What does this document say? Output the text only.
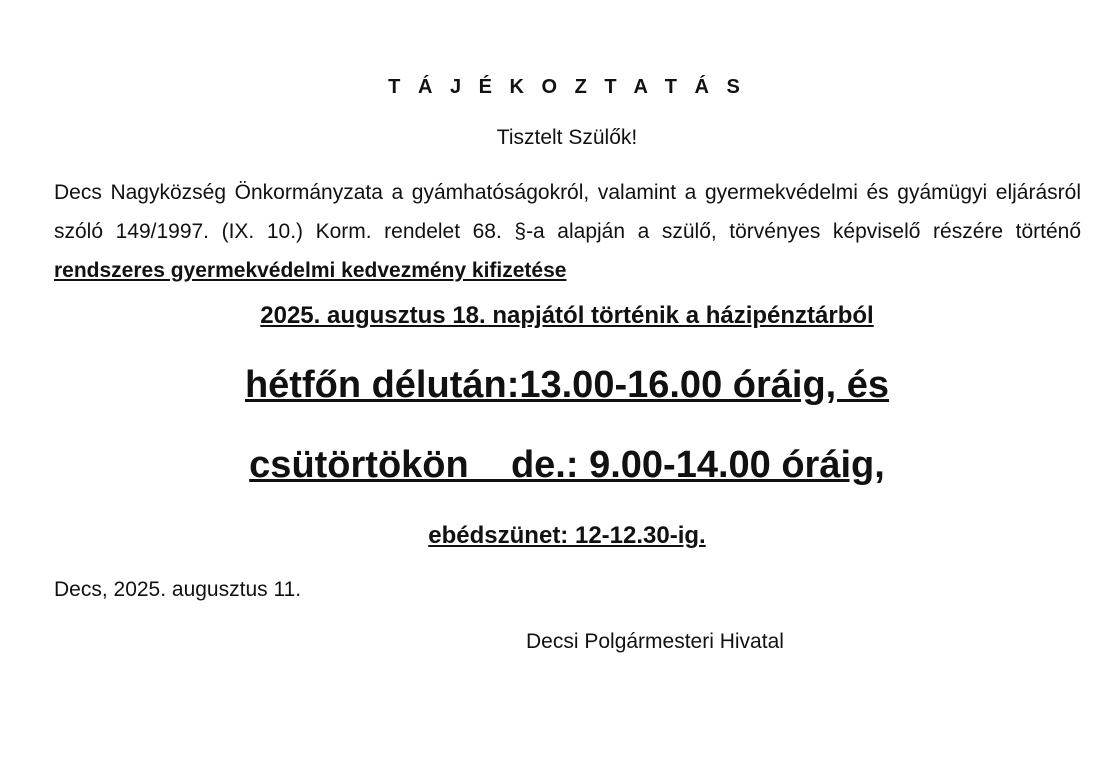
T Á J É K O Z T A T Á S
Tisztelt Szülők!
Decs Nagyközség Önkormányzata a gyámhatóságokról, valamint a gyermekvédelmi és gyámügyi eljárásról szóló 149/1997. (IX. 10.) Korm. rendelet 68. §-a alapján a szülő, törvényes képviselő részére történő rendszeres gyermekvédelmi kedvezmény kifizetése
2025. augusztus 18. napjától történik a házipénztárból
hétfőn délután:13.00-16.00 óráig, és
csütörtökön    de.: 9.00-14.00 óráig,
ebédszünet: 12-12.30-ig.
Decs, 2025. augusztus 11.
Decsi Polgármesteri Hivatal
